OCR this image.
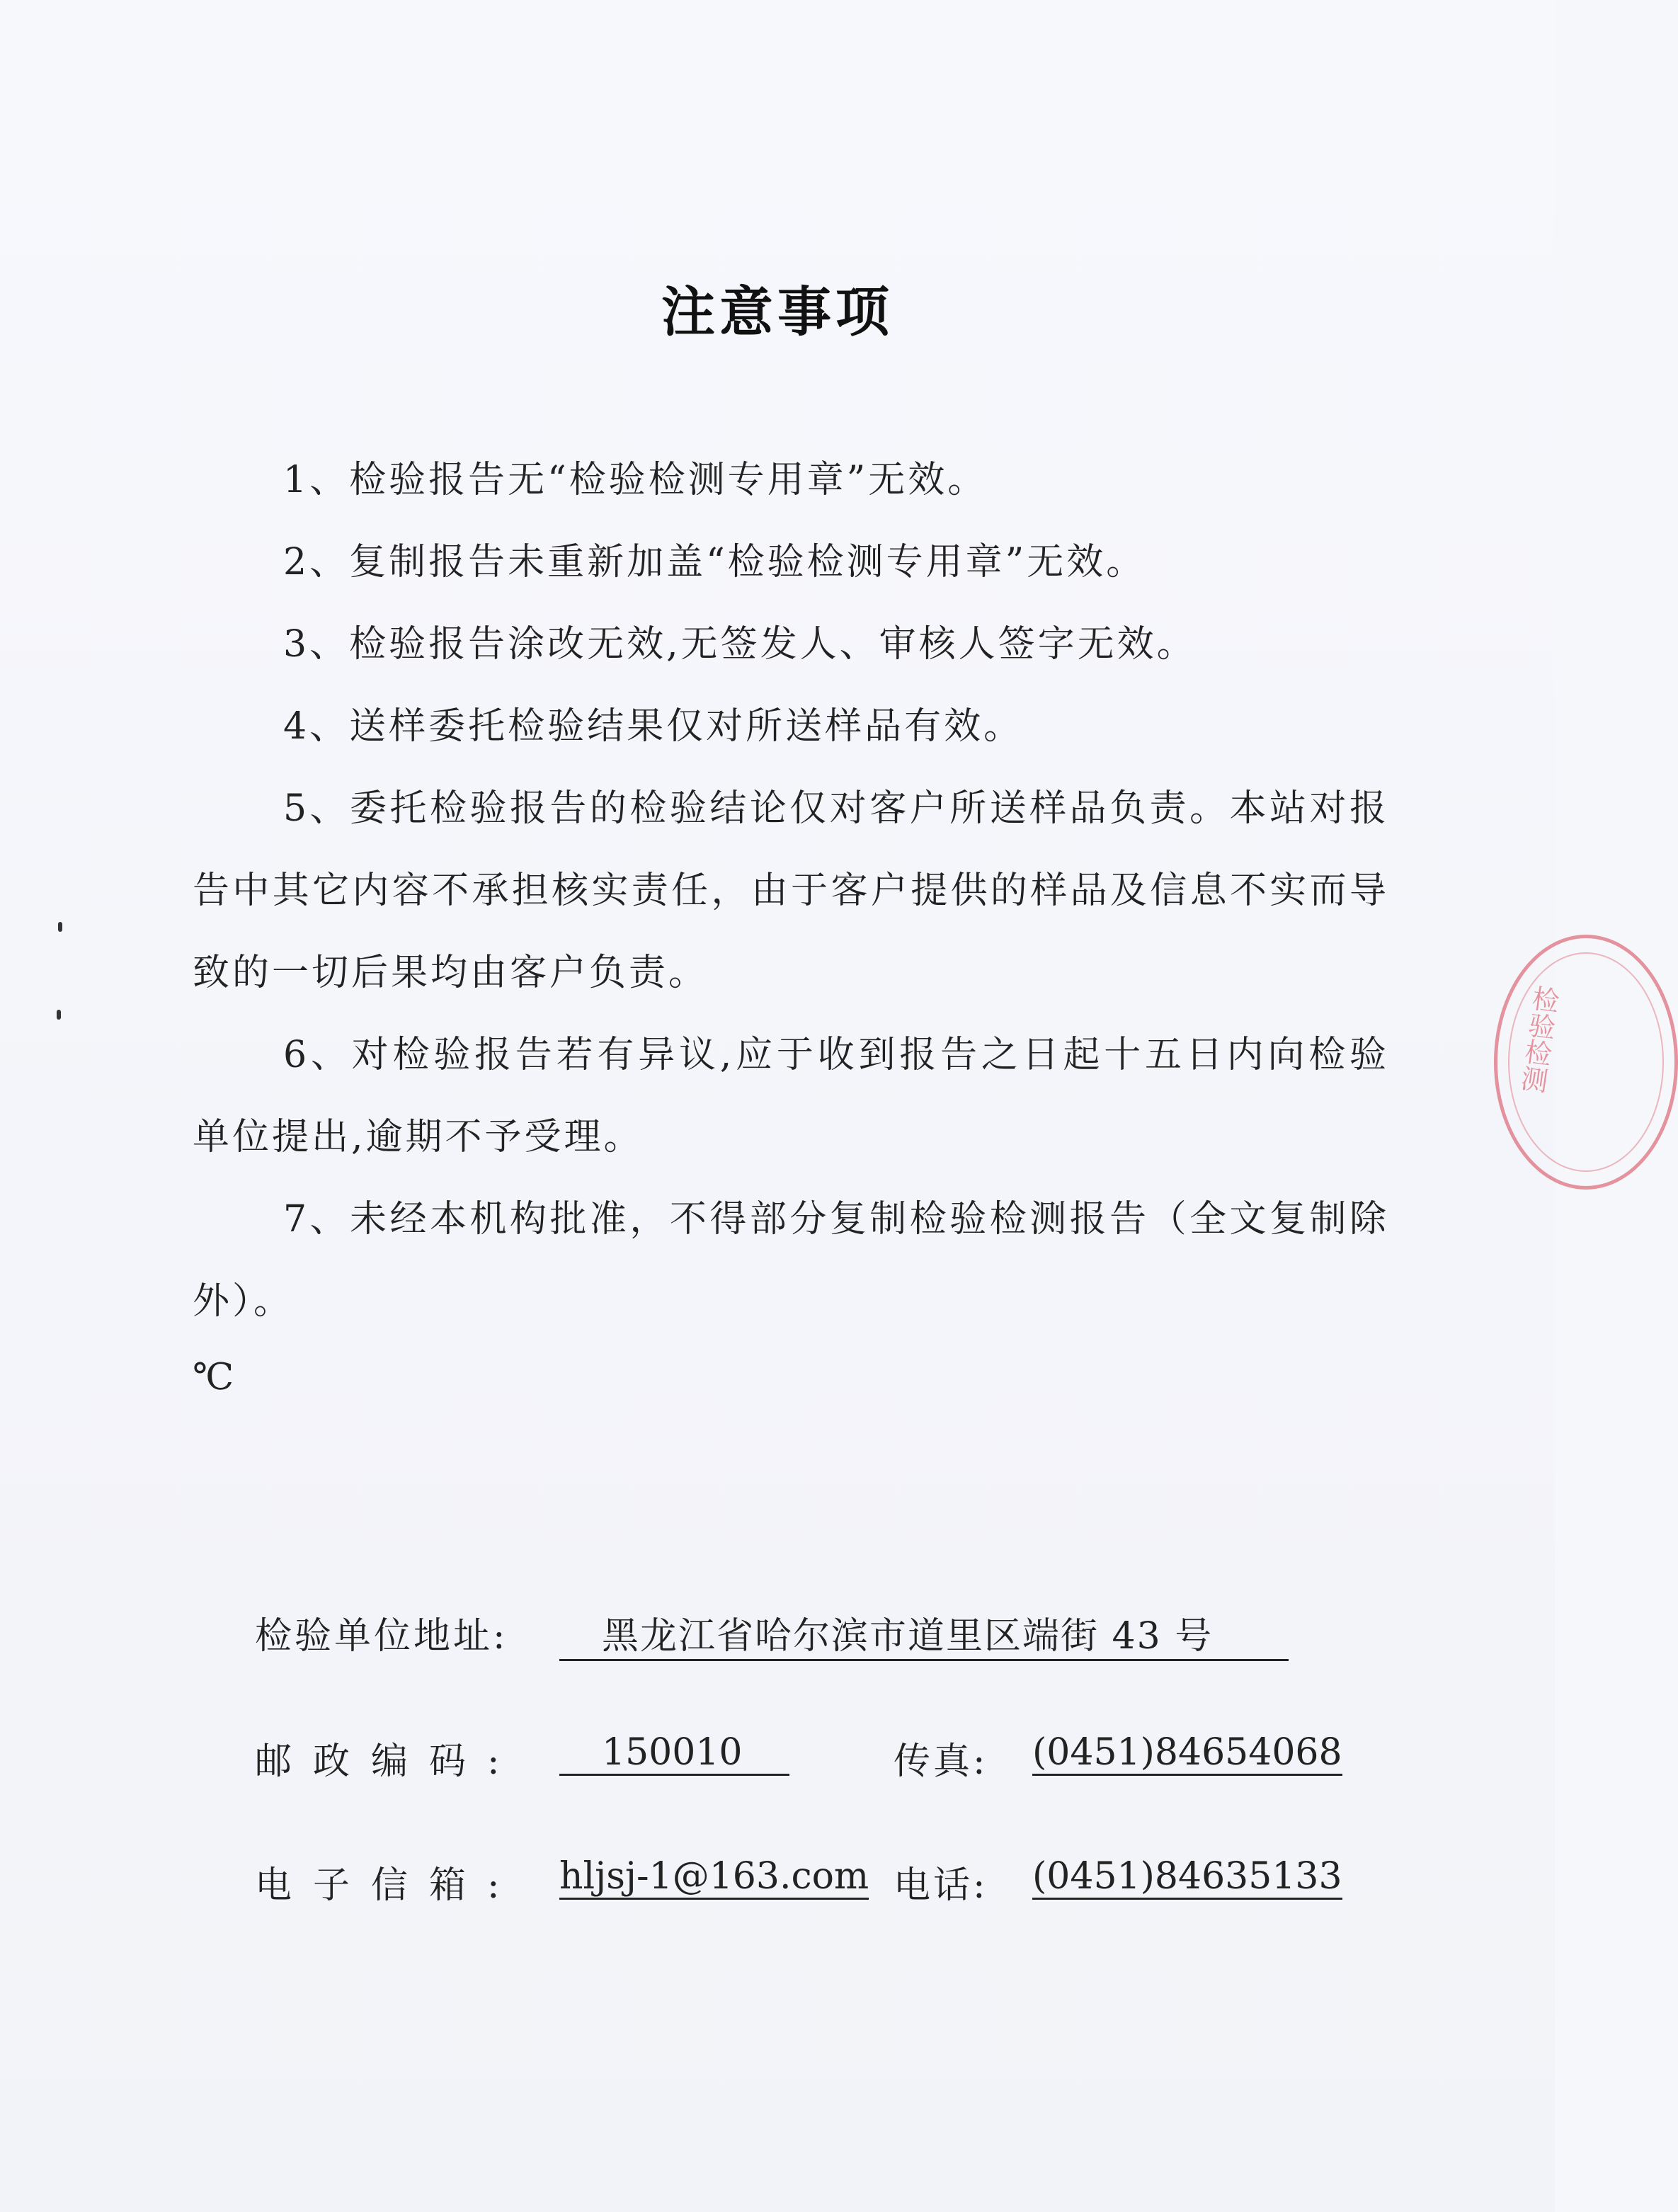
注意事项
1、检验报告无“检验检测专用章”无效。
2、复制报告未重新加盖“检验检测专用章”无效。
3、检验报告涂改无效,无签发人、审核人签字无效。
4、送样委托检验结果仅对所送样品有效。
5、委托检验报告的检验结论仅对客户所送样品负责。本站对报告中其它内容不承担核实责任，由于客户提供的样品及信息不实而导致的一切后果均由客户负责。
6、对检验报告若有异议,应于收到报告之日起十五日内向检验单位提出,逾期不予受理。
7、未经本机构批准，不得部分复制检验检测报告（全文复制除外）。
℃
检验单位地址:	黑龙江省哈尔滨市道里区端街 43 号
邮政编码:	150010	传真: (0451)84654068
电子信箱: hljsj-1@163.com 电话: (0451)84635133
检验检测
